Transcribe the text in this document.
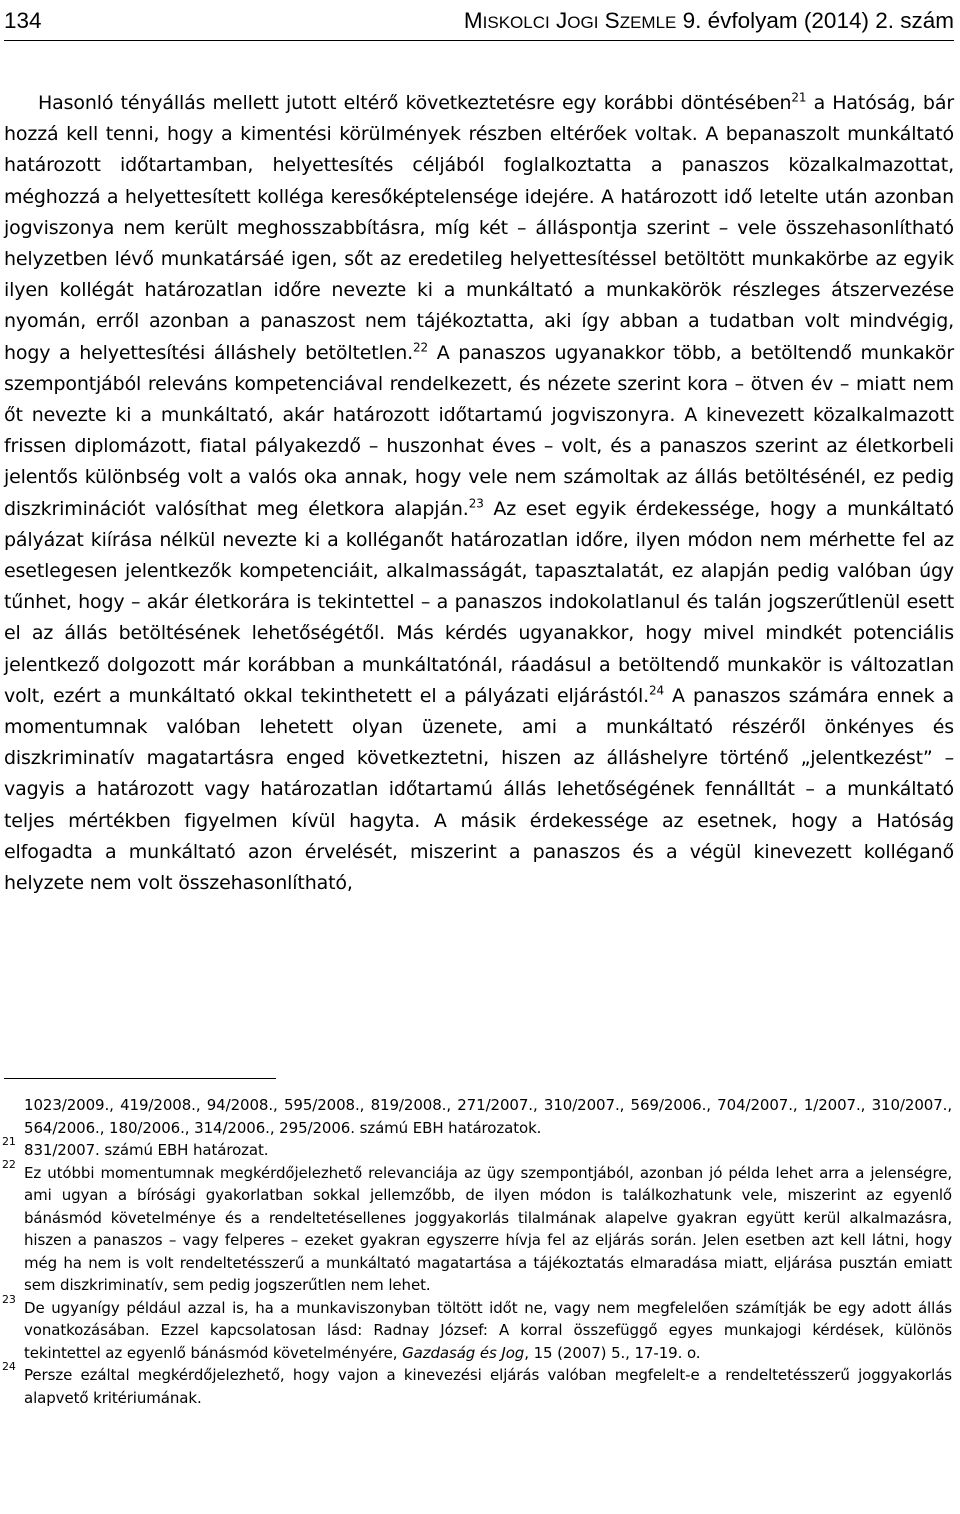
134	MISKOLCI JOGI SZEMLE 9. évfolyam (2014) 2. szám

Hasonló tényállás mellett jutott eltérő következtetésre egy korábbi döntésében$^{21}$ a Hatóság, bár hozzá kell tenni, hogy a kimentési körülmények részben eltérőek voltak. A bepanaszolt munkáltató határozott időtartamban, helyettesítés céljából foglalkoztatta a panaszos közalkalmazottat, méghozzá a helyettesített kolléga keresőképtelensége idejére. A határozott idő letelte után azonban jogviszonya nem került meghosszabbításra, míg két – álláspontja szerint – vele összehasonlítható helyzetben lévő munkatársáé igen, sőt az eredetileg helyettesítéssel betöltött munkakörbe az egyik ilyen kollégát határozatlan időre nevezte ki a munkáltató a munkakörök részleges átszervezése nyomán, erről azonban a panaszost nem tájékoztatta, aki így abban a tudatban volt mindvégig, hogy a helyettesítési álláshely betöltetlen.$^{22}$ A panaszos ugyanakkor több, a betöltendő munkakör szempontjából releváns kompetenciával rendelkezett, és nézete szerint kora – ötven év – miatt nem őt nevezte ki a munkáltató, akár határozott időtartamú jogviszonyra. A kinevezett közalkalmazott frissen diplomázott, fiatal pályakezdő – huszonhat éves – volt, és a panaszos szerint az életkorbeli jelentős különbség volt a valós oka annak, hogy vele nem számoltak az állás betöltésénél, ez pedig diszkriminációt valósíthat meg életkora alapján.$^{23}$ Az eset egyik érdekessége, hogy a munkáltató pályázat kiírása nélkül nevezte ki a kolléganőt határozatlan időre, ilyen módon nem mérhette fel az esetlegesen jelentkezők kompetenciáit, alkalmasságát, tapasztalatát, ez alapján pedig valóban úgy tűnhet, hogy – akár életkorára is tekintettel – a panaszos indokolatlanul és talán jogszerűtlenül esett el az állás betöltésének lehetőségétől. Más kérdés ugyanakkor, hogy mivel mindkét potenciális jelentkező dolgozott már korábban a munkáltatónál, ráadásul a betöltendő munkakör is változatlan volt, ezért a munkáltató okkal tekinthetett el a pályázati eljárástól.$^{24}$ A panaszos számára ennek a momentumnak valóban lehetett olyan üzenete, ami a munkáltató részéről önkényes és diszkriminatív magatartásra enged következtetni, hiszen az álláshelyre történő „jelentkezést” – vagyis a határozott vagy határozatlan időtartamú állás lehetőségének fennálltát – a munkáltató teljes mértékben figyelmen kívül hagyta. A másik érdekessége az esetnek, hogy a Hatóság elfogadta a munkáltató azon érvelését, miszerint a panaszos és a végül kinevezett kolléganő helyzete nem volt összehasonlítható,

1023/2009., 419/2008., 94/2008., 595/2008., 819/2008., 271/2007., 310/2007., 569/2006., 704/2007., 1/2007., 310/2007., 564/2006., 180/2006., 314/2006., 295/2006. számú EBH határozatok.
21 831/2007. számú EBH határozat.
22 Ez utóbbi momentumnak megkérdőjelezhető relevanciája az ügy szempontjából, azonban jó példa lehet arra a jelenségre, ami ugyan a bírósági gyakorlatban sokkal jellemzőbb, de ilyen módon is találkozhatunk vele, miszerint az egyenlő bánásmód követelménye és a rendeltetésellenes joggyakorlás tilalmának alapelve gyakran együtt kerül alkalmazásra, hiszen a panaszos – vagy felperes – ezeket gyakran egyszerre hívja fel az eljárás során. Jelen esetben azt kell látni, hogy még ha nem is volt rendeltetésszerű a munkáltató magatartása a tájékoztatás elmaradása miatt, eljárása pusztán emiatt sem diszkriminatív, sem pedig jogszerűtlen nem lehet.
23 De ugyanígy például azzal is, ha a munkaviszonyban töltött időt ne, vagy nem megfelelően számítják be egy adott állás vonatkozásában. Ezzel kapcsolatosan lásd: Radnay József: A korral összefüggő egyes munkajogi kérdések, különös tekintettel az egyenlő bánásmód követelményére, Gazdaság és Jog, 15 (2007) 5., 17-19. o.
24 Persze ezáltal megkérdőjelezhető, hogy vajon a kinevezési eljárás valóban megfelelt-e a rendeltetésszerű joggyakorlás alapvető kritériumának.
